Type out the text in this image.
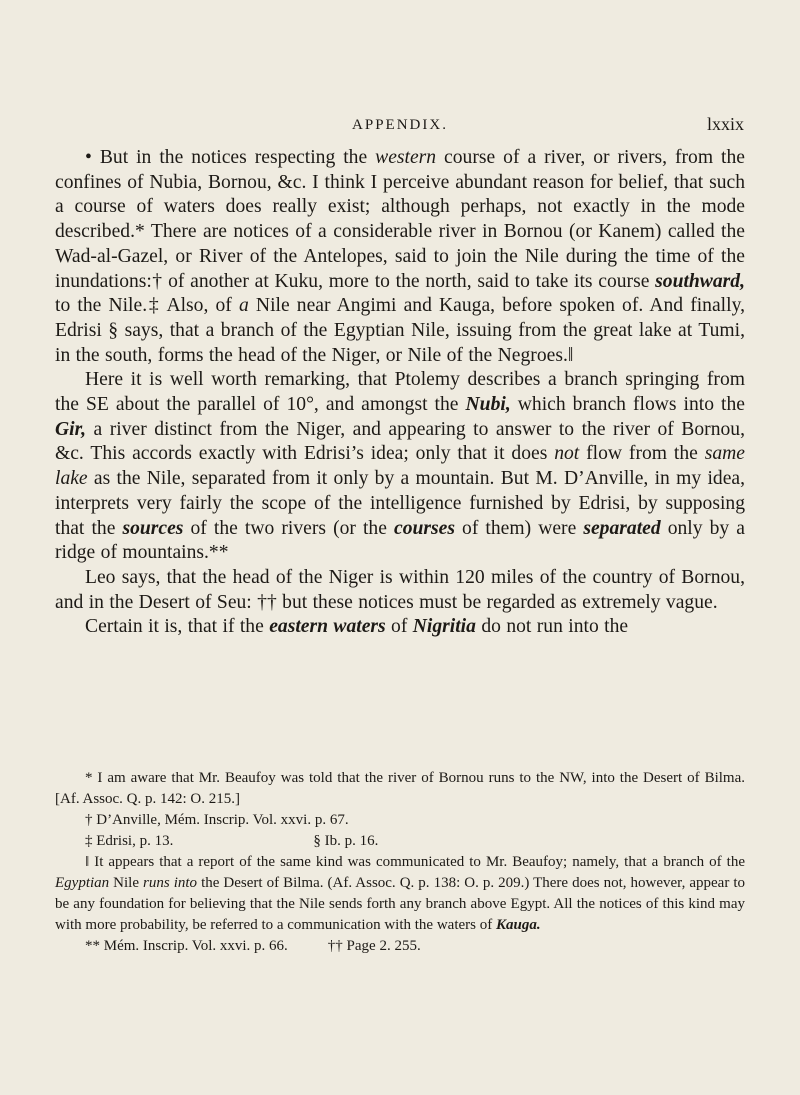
APPENDIX.	lxxix

• But in the notices respecting the western course of a river, or rivers, from the confines of Nubia, Bornou, &c. I think I perceive abundant reason for belief, that such a course of waters does really exist; although perhaps, not exactly in the mode described.* There are notices of a considerable river in Bornou (or Kanem) called the Wad-al-Gazel, or River of the Antelopes, said to join the Nile during the time of the inundations:† of another at Kuku, more to the north, said to take its course southward, to the Nile.‡ Also, of a Nile near Angimi and Kauga, before spoken of. And finally, Edrisi § says, that a branch of the Egyptian Nile, issuing from the great lake at Tumi, in the south, forms the head of the Niger, or Nile of the Negroes.‖

Here it is well worth remarking, that Ptolemy describes a branch springing from the SE about the parallel of 10°, and amongst the Nubi, which branch flows into the Gir, a river distinct from the Niger, and appearing to answer to the river of Bornou, &c. This accords exactly with Edrisi’s idea; only that it does not flow from the same lake as the Nile, separated from it only by a mountain. But M. D’Anville, in my idea, interprets very fairly the scope of the intelligence furnished by Edrisi, by supposing that the sources of the two rivers (or the courses of them) were separated only by a ridge of mountains.**

Leo says, that the head of the Niger is within 120 miles of the country of Bornou, and in the Desert of Seu: †† but these notices must be regarded as extremely vague.

Certain it is, that if the eastern waters of Nigritia do not run into the

* I am aware that Mr. Beaufoy was told that the river of Bornou runs to the NW, into the Desert of Bilma. [Af. Assoc. Q. p. 142: O. 215.]

† D’Anville, Mém. Inscrip. Vol. xxvi. p. 67.

‡ Edrisi, p. 13.	§ Ib. p. 16.

‖ It appears that a report of the same kind was communicated to Mr. Beaufoy; namely, that a branch of the Egyptian Nile runs into the Desert of Bilma. (Af. Assoc. Q. p. 138: O. p. 209.) There does not, however, appear to be any foundation for believing that the Nile sends forth any branch above Egypt. All the notices of this kind may with more probability, be referred to a communication with the waters of Kauga.

** Mém. Inscrip. Vol. xxvi. p. 66.	†† Page 2. 255.
